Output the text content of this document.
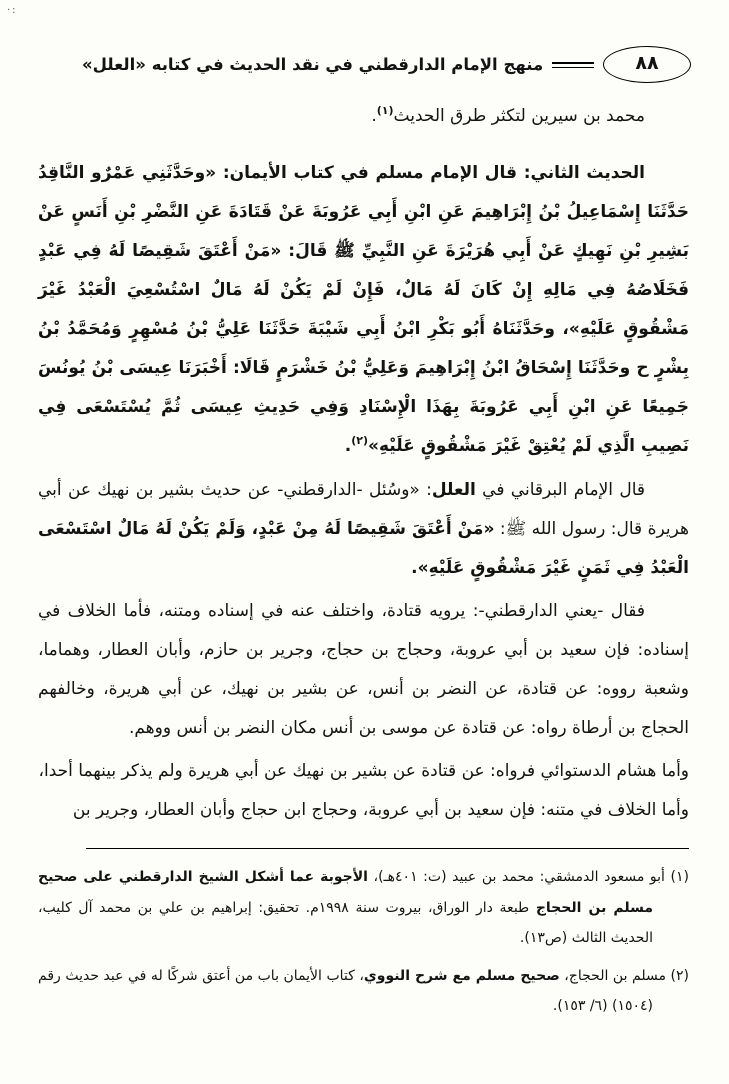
·:
٨٨
منهج الإمام الدارقطني في نقد الحديث في كتابه «العلل»

محمد بن سيرين لتكثر طرق الحديث$^{(١)}$.

الحديث الثاني: قال الإمام مسلم في كتاب الأيمان: «وحَدَّثَنِي عَمْرٌو النَّاقِدُ حَدَّثَنَا إِسْمَاعِيلُ بْنُ إِبْرَاهِيمَ عَنِ ابْنِ أَبِي عَرُوبَةَ عَنْ قَتَادَةَ عَنِ النَّضْرِ بْنِ أَنَسٍ عَنْ بَشِيرِ بْنِ نَهِيكٍ عَنْ أَبِي هُرَيْرَةَ عَنِ النَّبِيِّ ﷺ قَالَ: «مَنْ أَعْتَقَ شَقِيصًا لَهُ فِي عَبْدٍ فَخَلَاصُهُ فِي مَالِهِ إِنْ كَانَ لَهُ مَالٌ، فَإِنْ لَمْ يَكُنْ لَهُ مَالٌ اسْتُسْعِيَ الْعَبْدُ غَيْرَ مَشْقُوقٍ عَلَيْهِ»، وحَدَّثَنَاهُ أَبُو بَكْرِ ابْنُ أَبِي شَيْبَةَ حَدَّثَنَا عَلِيُّ بْنُ مُسْهِرٍ وَمُحَمَّدُ بْنُ بِشْرٍ ح وحَدَّثَنَا إِسْحَاقُ ابْنُ إِبْرَاهِيمَ وَعَلِيُّ بْنُ خَشْرَمٍ قَالَا: أَخْبَرَنَا عِيسَى بْنُ يُونُسَ جَمِيعًا عَنِ ابْنِ أَبِي عَرُوبَةَ بِهَذَا الْإِسْنَادِ وَفِي حَدِيثِ عِيسَى ثُمَّ يُسْتَسْعَى فِي نَصِيبِ الَّذِي لَمْ يُعْتِقْ غَيْرَ مَشْقُوقٍ عَلَيْهِ»$^{(٢)}$.

قال الإمام البرقاني في العلل: «وسُئل -الدارقطني- عن حديث بشير بن نهيك عن أبي هريرة قال: رسول الله ﷺ: «مَنْ أَعْتَقَ شَقِيصًا لَهُ مِنْ عَبْدٍ، وَلَمْ يَكُنْ لَهُ مَالٌ اسْتَسْعَى الْعَبْدُ فِي ثَمَنٍ غَيْرَ مَشْقُوقٍ عَلَيْهِ».

فقال -يعني الدارقطني-: يرويه قتادة، واختلف عنه في إسناده ومتنه، فأما الخلاف في إسناده: فإن سعيد بن أبي عروبة، وحجاج بن حجاج، وجرير بن حازم، وأبان العطار، وهماما، وشعبة رووه: عن قتادة، عن النضر بن أنس، عن بشير بن نهيك، عن أبي هريرة، وخالفهم الحجاج بن أرطاة رواه: عن قتادة عن موسى بن أنس مكان النضر بن أنس ووهم.

وأما هشام الدستوائي فرواه: عن قتادة عن بشير بن نهيك عن أبي هريرة ولم يذكر بينهما أحدا،

وأما الخلاف في متنه: فإن سعيد بن أبي عروبة، وحجاج ابن حجاج وأبان العطار، وجرير بن

(١) أبو مسعود الدمشقي: محمد بن عبيد (ت: ٤٠١هـ)، الأجوبة عما أشكل الشيخ الدارقطني على صحيح مسلم بن الحجاج طبعة دار الوراق، بيروت سنة ١٩٩٨م. تحقيق: إبراهيم بن علي بن محمد آل كليب، الحديث الثالث (ص١٣).

(٢) مسلم بن الحجاج، صحيح مسلم مع شرح النووي، كتاب الأيمان باب من أعتق شركًا له في عبد حديث رقم (١٥٠٤) (٦/ ١٥٣).
